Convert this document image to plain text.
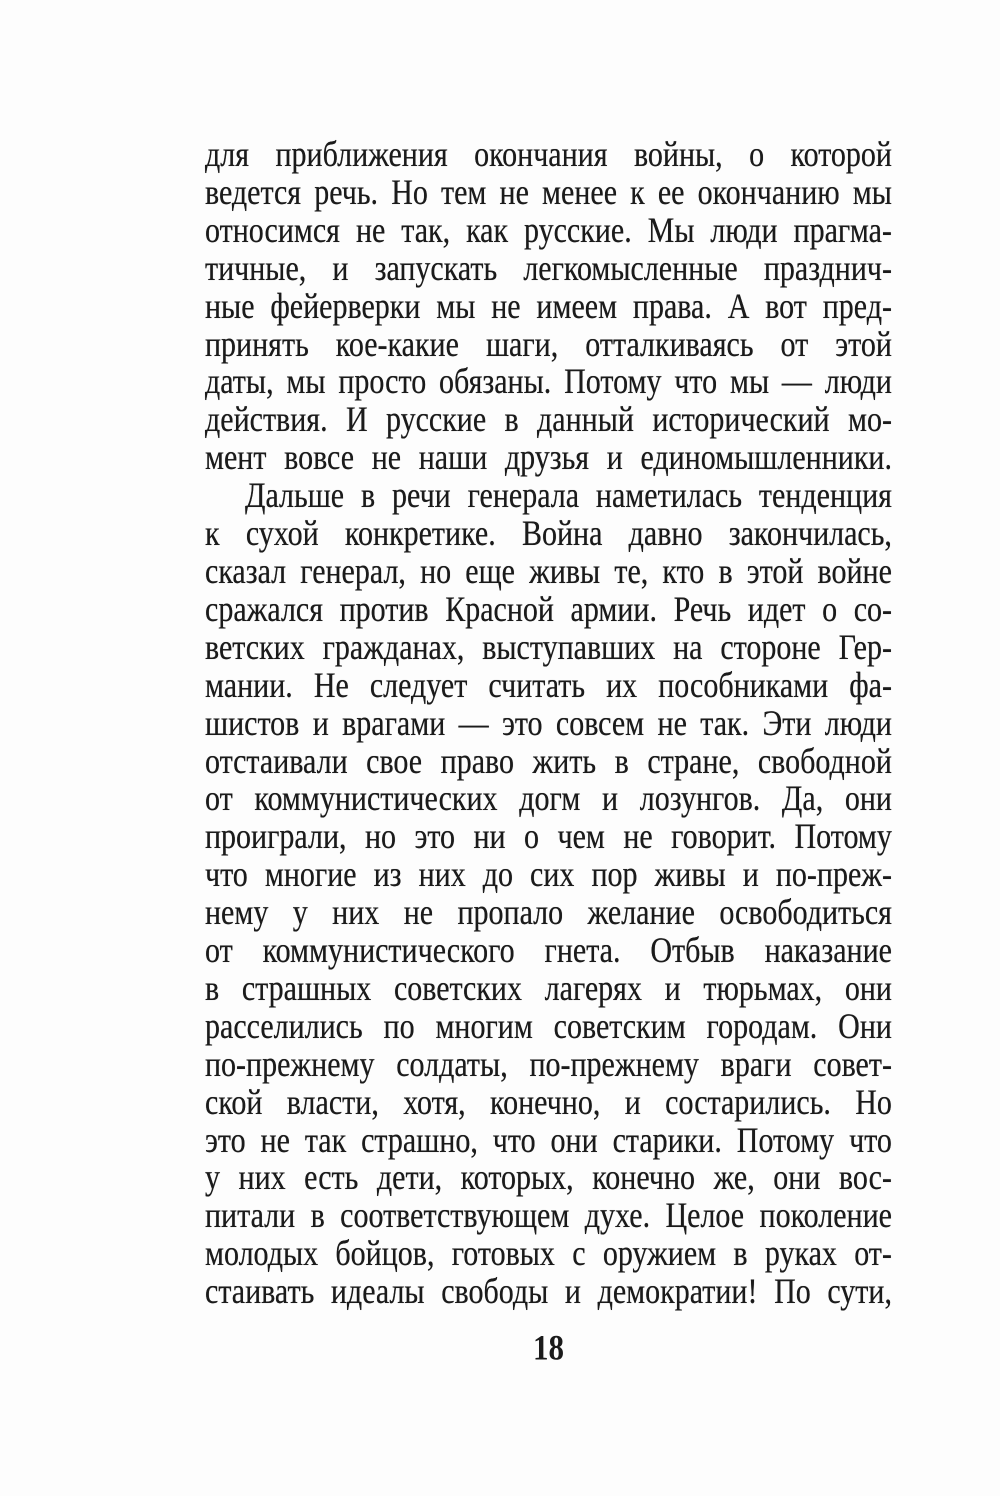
для приближения окончания войны, о которой
ведется речь. Но тем не менее к ее окончанию мы
относимся не так, как русские. Мы люди прагма-
тичные, и запускать легкомысленные празднич-
ные фейерверки мы не имеем права. А вот пред-
принять кое-какие шаги, отталкиваясь от этой
даты, мы просто обязаны. Потому что мы — люди
действия. И русские в данный исторический мо-
мент вовсе не наши друзья и единомышленники.
Дальше в речи генерала наметилась тенденция
к сухой конкретике. Война давно закончилась,
сказал генерал, но еще живы те, кто в этой войне
сражался против Красной армии. Речь идет о со-
ветских гражданах, выступавших на стороне Гер-
мании. Не следует считать их пособниками фа-
шистов и врагами — это совсем не так. Эти люди
отстаивали свое право жить в стране, свободной
от коммунистических догм и лозунгов. Да, они
проиграли, но это ни о чем не говорит. Потому
что многие из них до сих пор живы и по-преж-
нему у них не пропало желание освободиться
от коммунистического гнета. Отбыв наказание
в страшных советских лагерях и тюрьмах, они
расселились по многим советским городам. Они
по-прежнему солдаты, по-прежнему враги совет-
ской власти, хотя, конечно, и состарились. Но
это не так страшно, что они старики. Потому что
у них есть дети, которых, конечно же, они вос-
питали в соответствующем духе. Целое поколение
молодых бойцов, готовых с оружием в руках от-
стаивать идеалы свободы и демократии! По сути,
18
